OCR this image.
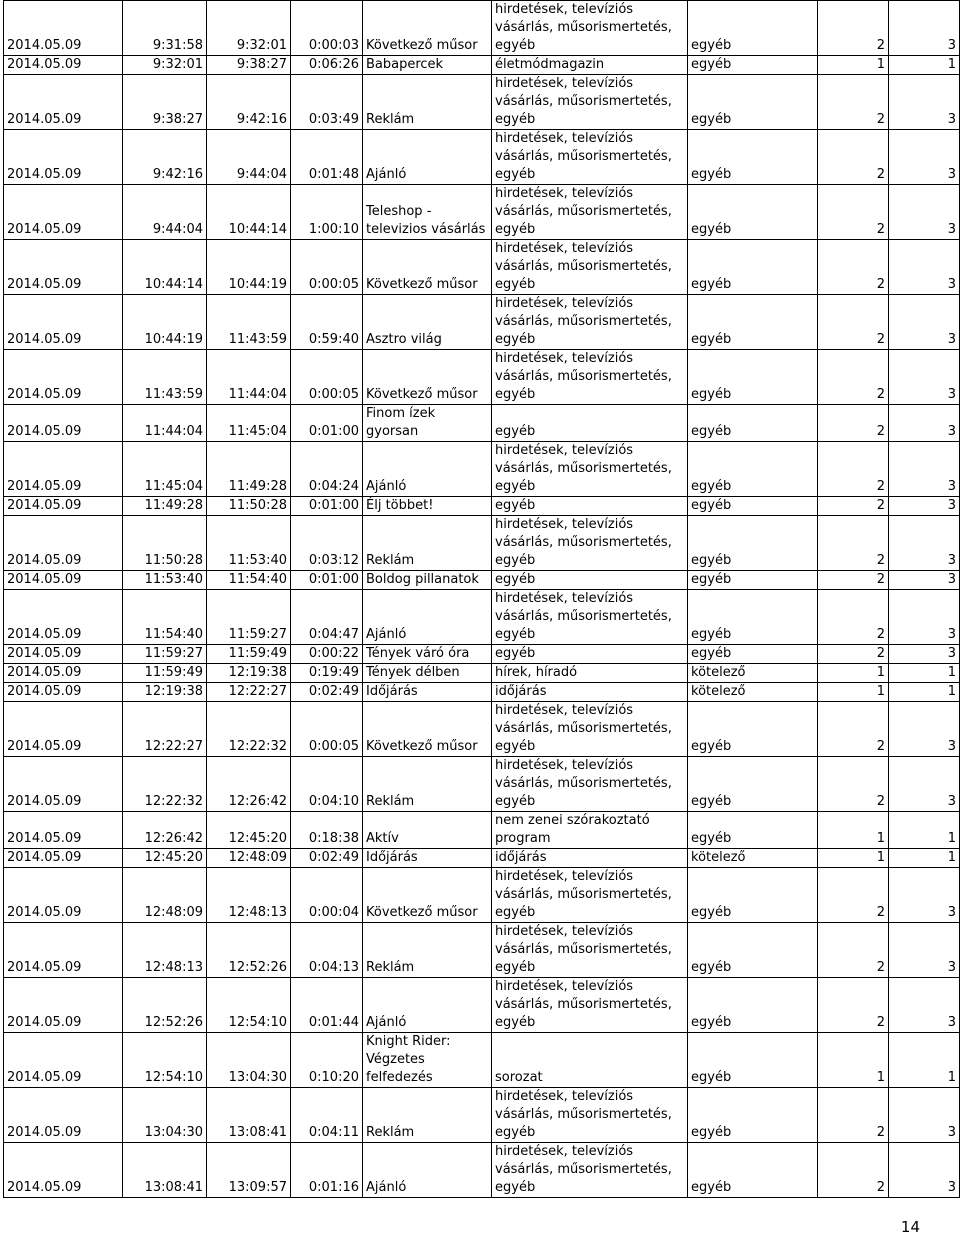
2014.05.09	9:31:58	9:32:01	0:00:03	Következő műsor	hirdetések, televíziós vásárlás, műsorismertetés, egyéb	egyéb	2	3
2014.05.09	9:32:01	9:38:27	0:06:26	Babapercek	életmódmagazin	egyéb	1	1
2014.05.09	9:38:27	9:42:16	0:03:49	Reklám	hirdetések, televíziós vásárlás, műsorismertetés, egyéb	egyéb	2	3
2014.05.09	9:42:16	9:44:04	0:01:48	Ajánló	hirdetések, televíziós vásárlás, műsorismertetés, egyéb	egyéb	2	3
2014.05.09	9:44:04	10:44:14	1:00:10	Teleshop - televizios vásárlás	hirdetések, televíziós vásárlás, műsorismertetés, egyéb	egyéb	2	3
2014.05.09	10:44:14	10:44:19	0:00:05	Következő műsor	hirdetések, televíziós vásárlás, műsorismertetés, egyéb	egyéb	2	3
2014.05.09	10:44:19	11:43:59	0:59:40	Asztro világ	hirdetések, televíziós vásárlás, műsorismertetés, egyéb	egyéb	2	3
2014.05.09	11:43:59	11:44:04	0:00:05	Következő műsor	hirdetések, televíziós vásárlás, műsorismertetés, egyéb	egyéb	2	3
2014.05.09	11:44:04	11:45:04	0:01:00	Finom ízek gyorsan	egyéb	egyéb	2	3
2014.05.09	11:45:04	11:49:28	0:04:24	Ajánló	hirdetések, televíziós vásárlás, műsorismertetés, egyéb	egyéb	2	3
2014.05.09	11:49:28	11:50:28	0:01:00	Élj többet!	egyéb	egyéb	2	3
2014.05.09	11:50:28	11:53:40	0:03:12	Reklám	hirdetések, televíziós vásárlás, műsorismertetés, egyéb	egyéb	2	3
2014.05.09	11:53:40	11:54:40	0:01:00	Boldog pillanatok	egyéb	egyéb	2	3
2014.05.09	11:54:40	11:59:27	0:04:47	Ajánló	hirdetések, televíziós vásárlás, műsorismertetés, egyéb	egyéb	2	3
2014.05.09	11:59:27	11:59:49	0:00:22	Tények váró óra	egyéb	egyéb	2	3
2014.05.09	11:59:49	12:19:38	0:19:49	Tények délben	hírek, híradó	kötelező	1	1
2014.05.09	12:19:38	12:22:27	0:02:49	Időjárás	időjárás	kötelező	1	1
2014.05.09	12:22:27	12:22:32	0:00:05	Következő műsor	hirdetések, televíziós vásárlás, műsorismertetés, egyéb	egyéb	2	3
2014.05.09	12:22:32	12:26:42	0:04:10	Reklám	hirdetések, televíziós vásárlás, műsorismertetés, egyéb	egyéb	2	3
2014.05.09	12:26:42	12:45:20	0:18:38	Aktív	nem zenei szórakoztató program	egyéb	1	1
2014.05.09	12:45:20	12:48:09	0:02:49	Időjárás	időjárás	kötelező	1	1
2014.05.09	12:48:09	12:48:13	0:00:04	Következő műsor	hirdetések, televíziós vásárlás, műsorismertetés, egyéb	egyéb	2	3
2014.05.09	12:48:13	12:52:26	0:04:13	Reklám	hirdetések, televíziós vásárlás, műsorismertetés, egyéb	egyéb	2	3
2014.05.09	12:52:26	12:54:10	0:01:44	Ajánló	hirdetések, televíziós vásárlás, műsorismertetés, egyéb	egyéb	2	3
2014.05.09	12:54:10	13:04:30	0:10:20	Knight Rider: Végzetes felfedezés	sorozat	egyéb	1	1
2014.05.09	13:04:30	13:08:41	0:04:11	Reklám	hirdetések, televíziós vásárlás, műsorismertetés, egyéb	egyéb	2	3
2014.05.09	13:08:41	13:09:57	0:01:16	Ajánló	hirdetések, televíziós vásárlás, műsorismertetés, egyéb	egyéb	2	3
14
